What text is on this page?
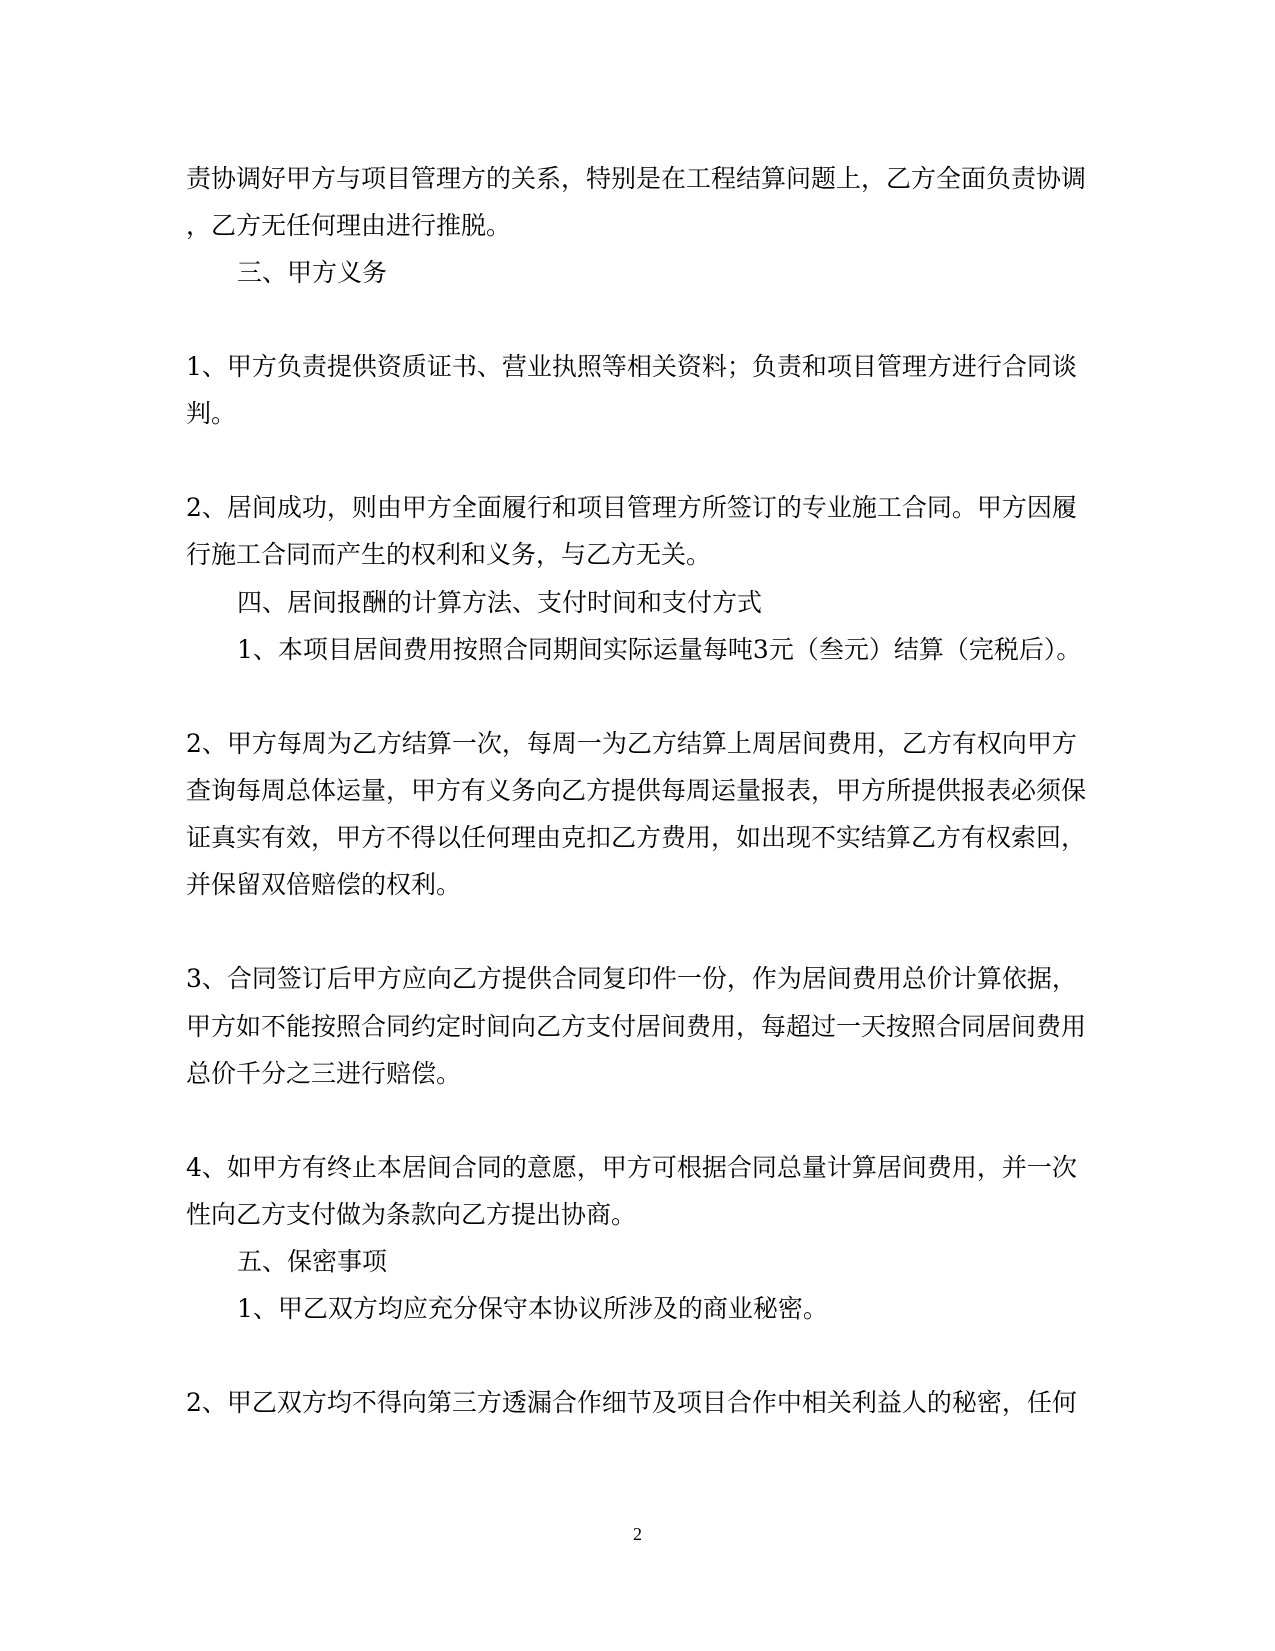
责协调好甲方与项目管理方的关系，特别是在工程结算问题上，乙方全面负责协调
，乙方无任何理由进行推脱。
三、甲方义务
1、甲方负责提供资质证书、营业执照等相关资料；负责和项目管理方进行合同谈
判。
2、居间成功，则由甲方全面履行和项目管理方所签订的专业施工合同。甲方因履
行施工合同而产生的权利和义务，与乙方无关。
四、居间报酬的计算方法、支付时间和支付方式
1、本项目居间费用按照合同期间实际运量每吨3元（叁元）结算（完税后）。
2、甲方每周为乙方结算一次，每周一为乙方结算上周居间费用，乙方有权向甲方
查询每周总体运量，甲方有义务向乙方提供每周运量报表，甲方所提供报表必须保
证真实有效，甲方不得以任何理由克扣乙方费用，如出现不实结算乙方有权索回，
并保留双倍赔偿的权利。
3、合同签订后甲方应向乙方提供合同复印件一份，作为居间费用总价计算依据，
甲方如不能按照合同约定时间向乙方支付居间费用，每超过一天按照合同居间费用
总价千分之三进行赔偿。
4、如甲方有终止本居间合同的意愿，甲方可根据合同总量计算居间费用，并一次
性向乙方支付做为条款向乙方提出协商。
五、保密事项
1、甲乙双方均应充分保守本协议所涉及的商业秘密。
2、甲乙双方均不得向第三方透漏合作细节及项目合作中相关利益人的秘密，任何
2
